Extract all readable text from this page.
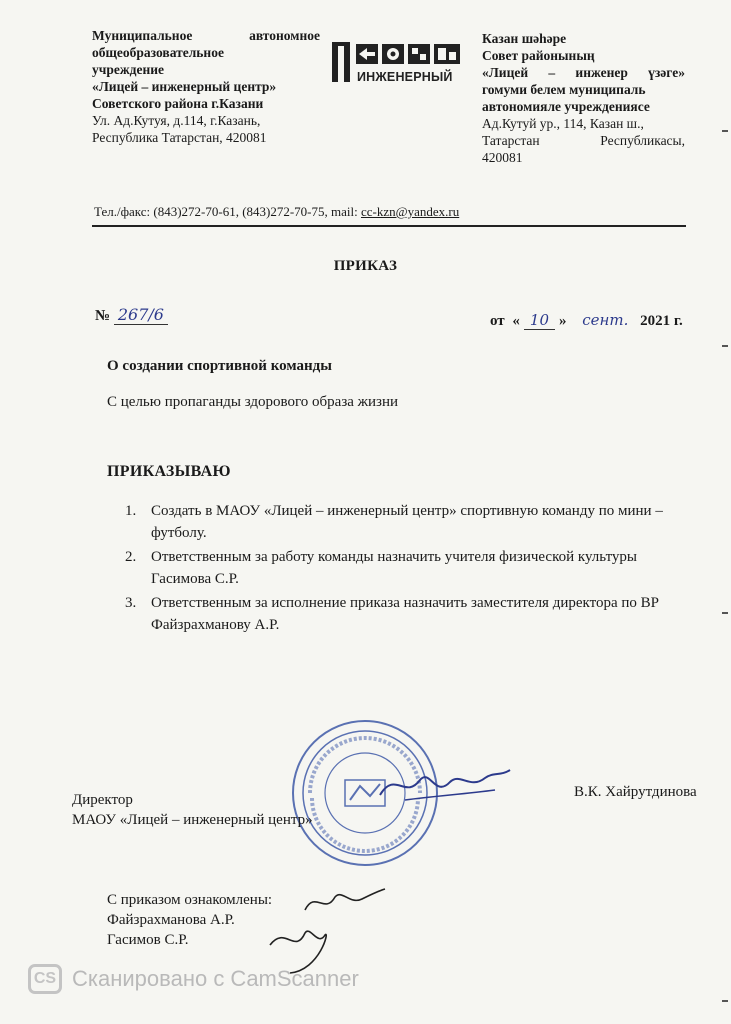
Муниципальное автономное
общеобразовательное
учреждение
«Лицей – инженерный центр»
Советского района г.Казани
Ул. Ад.Кутуя, д.114, г.Казань,
Республика Татарстан, 420081
ИНЖЕНЕРНЫЙ
Казан шәһәре
Совет районының
«Лицей – инженер үзәге»
гомуми белем муниципаль
автономияле учреждениясе
Ад.Кутуй ур., 114, Казан ш.,
Татарстан Республикасы,
420081
Тел./факс: (843)272-70-61, (843)272-70-75, mail: cc-kzn@yandex.ru
ПРИКАЗ
№ 267/6	от « 10 » сент. 2021 г.
О создании спортивной команды
С целью пропаганды здорового образа жизни
ПРИКАЗЫВАЮ
1. Создать в МАОУ «Лицей – инженерный центр» спортивную команду по мини – футболу.
2. Ответственным за работу команды назначить учителя физической культуры Гасимова С.Р.
3. Ответственным за исполнение приказа назначить заместителя директора по ВР Файзрахманову А.Р.
Директор
МАОУ «Лицей – инженерный центр»
В.К. Хайрутдинова
С приказом ознакомлены:
Файзрахманова А.Р.
Гасимов С.Р.
CS Сканировано с CamScanner
